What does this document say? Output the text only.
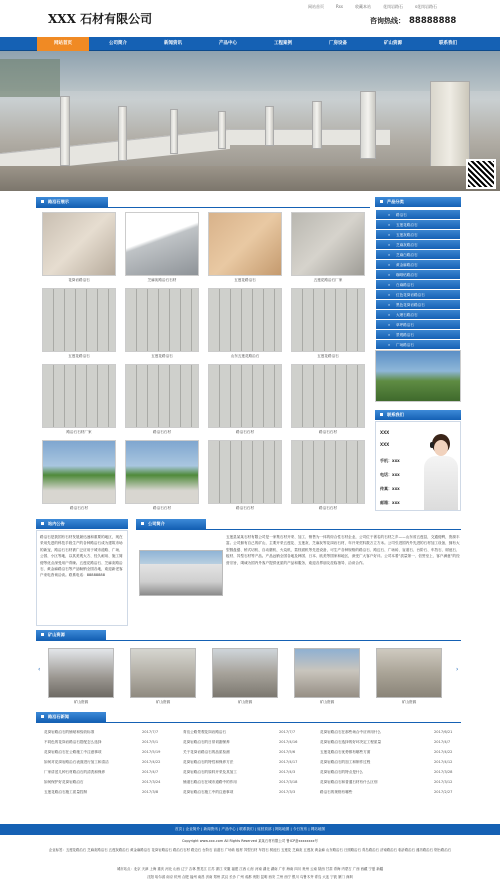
XXX 石材有限公司
网站首页	Rss	收藏本站	花岗岩路石	s花岗岩路石
咨询热线： 88888888
网站首页	公司简介	新闻资讯	产品中心	工程案例	厂房设备	矿山资源	联系我们
路沿石展示
花岗岩路沿石	芝麻灰路沿石石材	五莲花路沿石	五莲花路沿石厂家
五莲花路沿石	五莲花路沿石	山东五莲花路沿石	五莲花路沿石
路沿石石材厂家	路沿石石材	路沿石石材	路沿石石材
路沿石石材	路沿石石材	路沿石石材	路沿石石材
产品分类
» 路沿石
» 五莲花路沿石
» 五莲灰路沿石
» 芝麻灰路沿石
» 芝麻白路沿石
» 黄金麻路沿石
» 咖啡钻路沿石
» 白麻路沿石
» 红色花岗岩路沿石
» 黑色花岗岩路沿石
» 大理石路沿石
» 草坪路沿石
» 景观路沿石
» 广场路沿石
联系我们
XXX
XXX
手机：xxx
电话：xxx
传真：xxx
邮箱：xxx
站内公告
路沿石是我国有石材发展最迅速和重要的地区，现在采用先进的科技手段生产的各种路沿石成为建筑市场的新宠，路沿石石材被广泛应用于城市道路、广场、公园、小区等地，以其美观大方、经久耐用、施工简便等优点深受用户青睐。五莲花路沿石、芝麻灰路沿石、黄金麻路沿石等产品畅销全国各地，欢迎新老客户来电咨询洽谈。联系电话：88888888
公司简介
五莲县某某石材有限公司是一家集石材开采、加工、销售为一体的综合性石材企业，公司位于著名的石材之乡——山东省五莲县，交通便利，资源丰富。公司拥有自己的矿山，主要开采五莲花、五莲灰、芝麻灰等花岗岩石材，年开采荒料数万立方米。公司引进国内外先进的石材加工设备，拥有大型圆盘锯、桥式切机、自动磨机、火烧机、荔枝面机等先进设备，可生产各种规格的路沿石、路边石、广场砖、盲道石、台阶石、车挡石、树池石、板材、异型石材等产品。产品远销全国各地及韩国、日本、欧美等国家和地区，深受广大客户好评。公司本着“质量第一、信誉至上、客户满意”的经营宗旨，竭诚为国内外客户提供优质的产品和服务，欢迎各界朋友莅临指导、洽谈合作。
矿山资源
‹	›
矿山资源	矿山资源	矿山资源	矿山资源	矿山资源
路沿石新闻
花岗岩路沿石的铺贴和验收标准	2017/7/7	青岛公路景观花岗岩路沿石	2017/7/7	花岗岩路沿石在那些场合中应该用什么	2017/6/21
不同色的花岗岩路沿石搭配怎么选择	2017/5/1	花岗岩路沿石的日常切割保养	2017/4/16	花岗岩路沿石选择的好坏决定工程质量	2017/4/7
花岗岩路沿石在公路施工中注意事项	2017/5/19	关于花岗岩路沿石的品质检测	2017/5/6	五莲花路沿石优势都有哪些方面	2017/4/22
如何对花岗岩路沿石表面进行加工和清洁	2017/4/22	花岗岩路沿石的特性和保养方法	2017/4/17	花岗岩路沿石的加工和制作过程	2017/4/12
厂家讲述几种石材路沿石的清洗和保养	2017/4/7	花岗岩路沿石的原料开采及其加工	2017/4/3	花岗岩路沿石的特点是什么	2017/3/28
如何保护好花岗岩路沿石	2017/3/24	铺道石路沿石在城市道路中的作用	2017/3/18	花岗岩路沿石和普通石材有什么区别	2017/3/12
五莲花路沿石施工质量控制	2017/3/8	花岗岩路沿石施工中的注意事项	2017/3/3	路沿石的规格有哪些	2017/2/27
首页 | 企业简介 | 新闻资讯 | 产品中心 | 联系我们 | 返回顶部 | 网站地图 | 今日发布 | 网站地图
Copyright www.xxx.com All Rights Reserved 某某石材有限公司 鲁ICP备xxxxxxxx号
企业标签：五莲花路沿石 芝麻灰路沿石 五莲灰路沿石 黄金麻路沿石 花岗岩路沿石 路沿石石材 路边石 台阶石 盲道石 广场砖 板材 异型石材 车挡石 树池石 五莲花 芝麻灰 五莲灰 黄金麻 山东路沿石 日照路沿石 青岛路沿石 济南路沿石 临沂路沿石 潍坊路沿石 烟台路沿石
城市站点：北京 天津 上海 重庆 河北 山西 辽宁 吉林 黑龙江 江苏 浙江 安徽 福建 江西 山东 河南 湖北 湖南 广东 海南 四川 贵州 云南 陕西 甘肃 青海 内蒙古 广西 西藏 宁夏 新疆
沈阳 哈尔滨 南京 杭州 合肥 福州 南昌 济南 郑州 武汉 长沙 广州 成都 贵阳 昆明 西安 兰州 西宁 银川 乌鲁木齐 青岛 大连 宁波 厦门 深圳
